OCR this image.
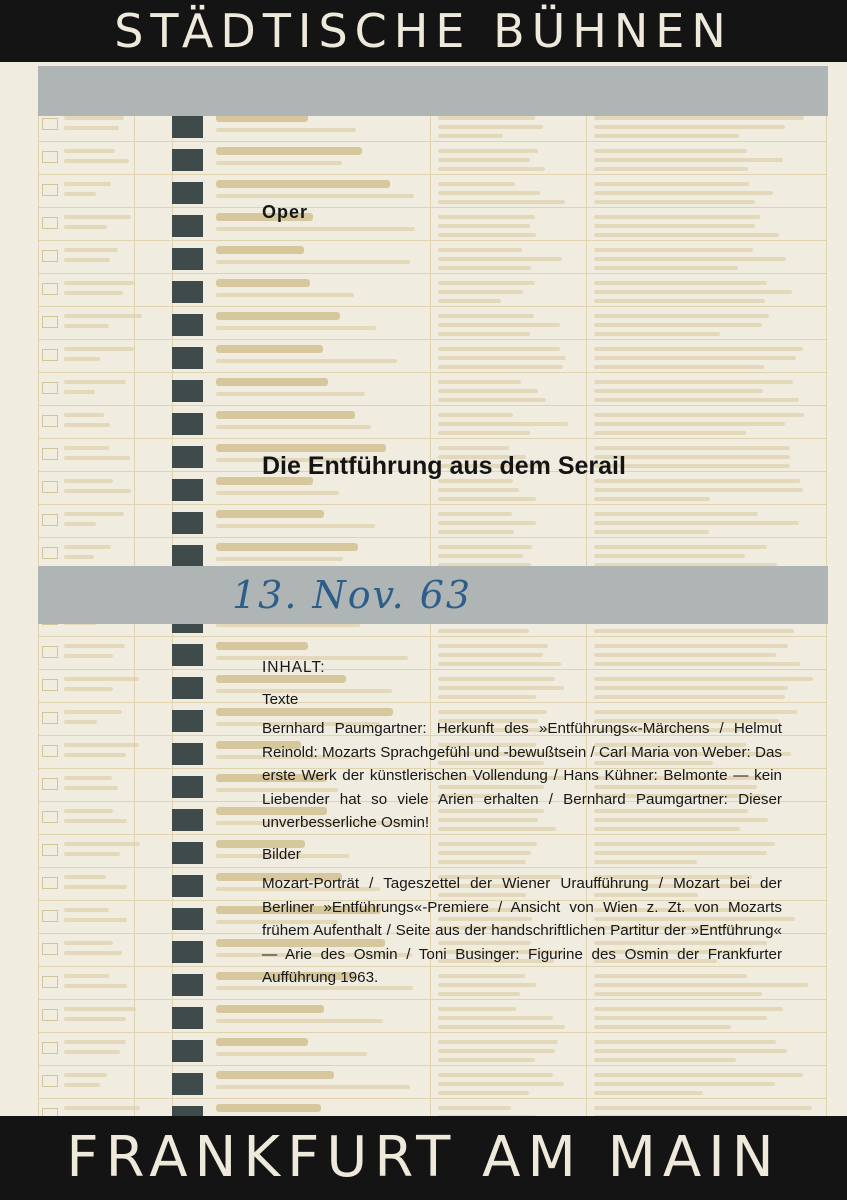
13. Nov. 63
STÄDTISCHE BÜHNEN
Oper
Die Entführung aus dem Serail
INHALT:
Texte

Bernhard Paumgartner: Herkunft des »Entführungs«-Märchens / Helmut Reinold: Mozarts Sprachgefühl und -bewußtsein / Carl Maria von Weber: Das erste Werk der künstlerischen Vollendung / Hans Kühner: Belmonte — kein Liebender hat so viele Arien erhalten / Bernhard Paumgartner: Dieser unverbesserliche Osmin!

Bilder

Mozart-Porträt / Tageszettel der Wiener Uraufführung / Mozart bei der Berliner »Entführungs«-Premiere / Ansicht von Wien z. Zt. von Mozarts frühem Aufenthalt / Seite aus der handschriftlichen Partitur der »Entführung« — Arie des Osmin / Toni Businger: Figurine des Osmin der Frankfurter Aufführung 1963.

FRANKFURT AM MAIN
